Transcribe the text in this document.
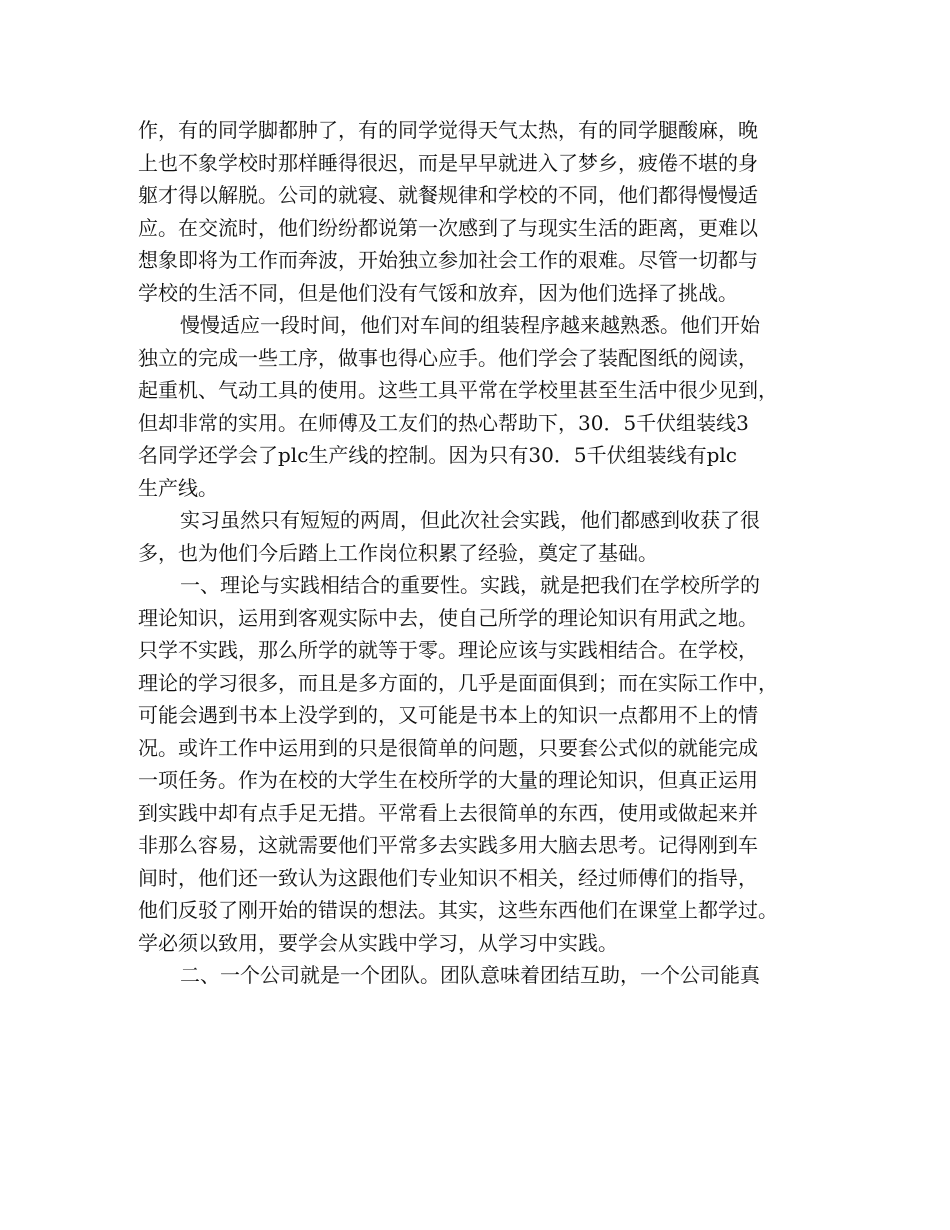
作，有的同学脚都肿了，有的同学觉得天气太热，有的同学腿酸麻，晚
上也不象学校时那样睡得很迟，而是早早就进入了梦乡，疲倦不堪的身
躯才得以解脱。公司的就寝、就餐规律和学校的不同，他们都得慢慢适
应。在交流时，他们纷纷都说第一次感到了与现实生活的距离，更难以
想象即将为工作而奔波，开始独立参加社会工作的艰难。尽管一切都与
学校的生活不同，但是他们没有气馁和放弃，因为他们选择了挑战。
慢慢适应一段时间，他们对车间的组装程序越来越熟悉。他们开始
独立的完成一些工序，做事也得心应手。他们学会了装配图纸的阅读，
起重机、气动工具的使用。这些工具平常在学校里甚至生活中很少见到，
但却非常的实用。在师傅及工友们的热心帮助下，30．5千伏组装线3
名同学还学会了plc生产线的控制。因为只有30．5千伏组装线有plc
生产线。
实习虽然只有短短的两周，但此次社会实践，他们都感到收获了很
多，也为他们今后踏上工作岗位积累了经验，奠定了基础。
一、理论与实践相结合的重要性。实践，就是把我们在学校所学的
理论知识，运用到客观实际中去，使自己所学的理论知识有用武之地。
只学不实践，那么所学的就等于零。理论应该与实践相结合。在学校，
理论的学习很多，而且是多方面的，几乎是面面俱到；而在实际工作中，
可能会遇到书本上没学到的，又可能是书本上的知识一点都用不上的情
况。或许工作中运用到的只是很简单的问题，只要套公式似的就能完成
一项任务。作为在校的大学生在校所学的大量的理论知识，但真正运用
到实践中却有点手足无措。平常看上去很简单的东西，使用或做起来并
非那么容易，这就需要他们平常多去实践多用大脑去思考。记得刚到车
间时，他们还一致认为这跟他们专业知识不相关，经过师傅们的指导，
他们反驳了刚开始的错误的想法。其实，这些东西他们在课堂上都学过。
学必须以致用，要学会从实践中学习，从学习中实践。
二、一个公司就是一个团队。团队意味着团结互助，一个公司能真
